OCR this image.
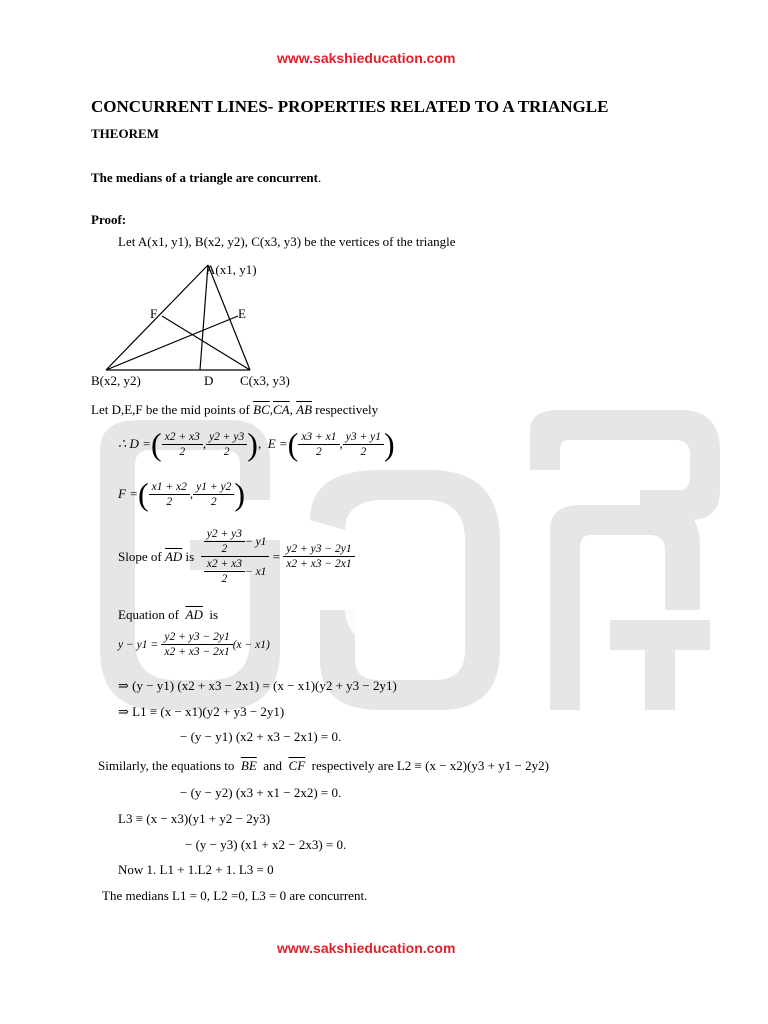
www.sakshieducation.com
CONCURRENT LINES- PROPERTIES RELATED TO A TRIANGLE
THEOREM
The medians of a triangle are concurrent.
Proof:
Let A(x1, y1), B(x2, y2), C(x3, y3) be the vertices of the triangle
A(x1, y1)
F	E
B(x2, y2)	D C(x3, y3)
Let D,E,F be the mid points of $\overline{BC},\overline{CA}$, $\overline{AB}$ respectively
∴ D = ( $\frac{x2 + x3}{2}$ , $\frac{y2 + y3}{2}$ ) , E = ( $\frac{x3 + x1}{2}$ , $\frac{y3 + y1}{2}$ )
F = ( $\frac{x1 + x2}{2}$ , $\frac{y1 + y2}{2}$ )
Slope of
$\overline{AD}$
is
$\frac{\frac{y2 + y3}{2} - y1}{\frac{x2 + x3}{2} - x1}$
=
$\frac{y2 + y3 - 2y1}{x2 + x3 - 2x1}$
Equation of $\overline{AD}$ is
y − y1 =
$\frac{y2 + y3 - 2y1}{x2 + x3 - 2x1} (x - x1)$
⇒ (y − y1) (x2 + x3 − 2x1) = (x − x1)(y2 + y3 − 2y1)
⇒ L1 ≡ (x − x1)(y2 + y3 − 2y1)
− (y − y1) (x2 + x3 − 2x1) = 0.
Similarly, the equations to $\overline{BE}$ and $\overline{CF}$ respectively are L2 ≡ (x − x2)(y3 + y1 − 2y2)
− (y − y2) (x3 + x1 − 2x2) = 0.
L3 ≡ (x − x3)(y1 + y2 − 2y3)
− (y − y3) (x1 + x2 − 2x3) = 0.
Now 1. L1 + 1.L2 + 1. L3 = 0
The medians L1 = 0, L2 =0, L3 = 0 are concurrent.
www.sakshieducation.com
